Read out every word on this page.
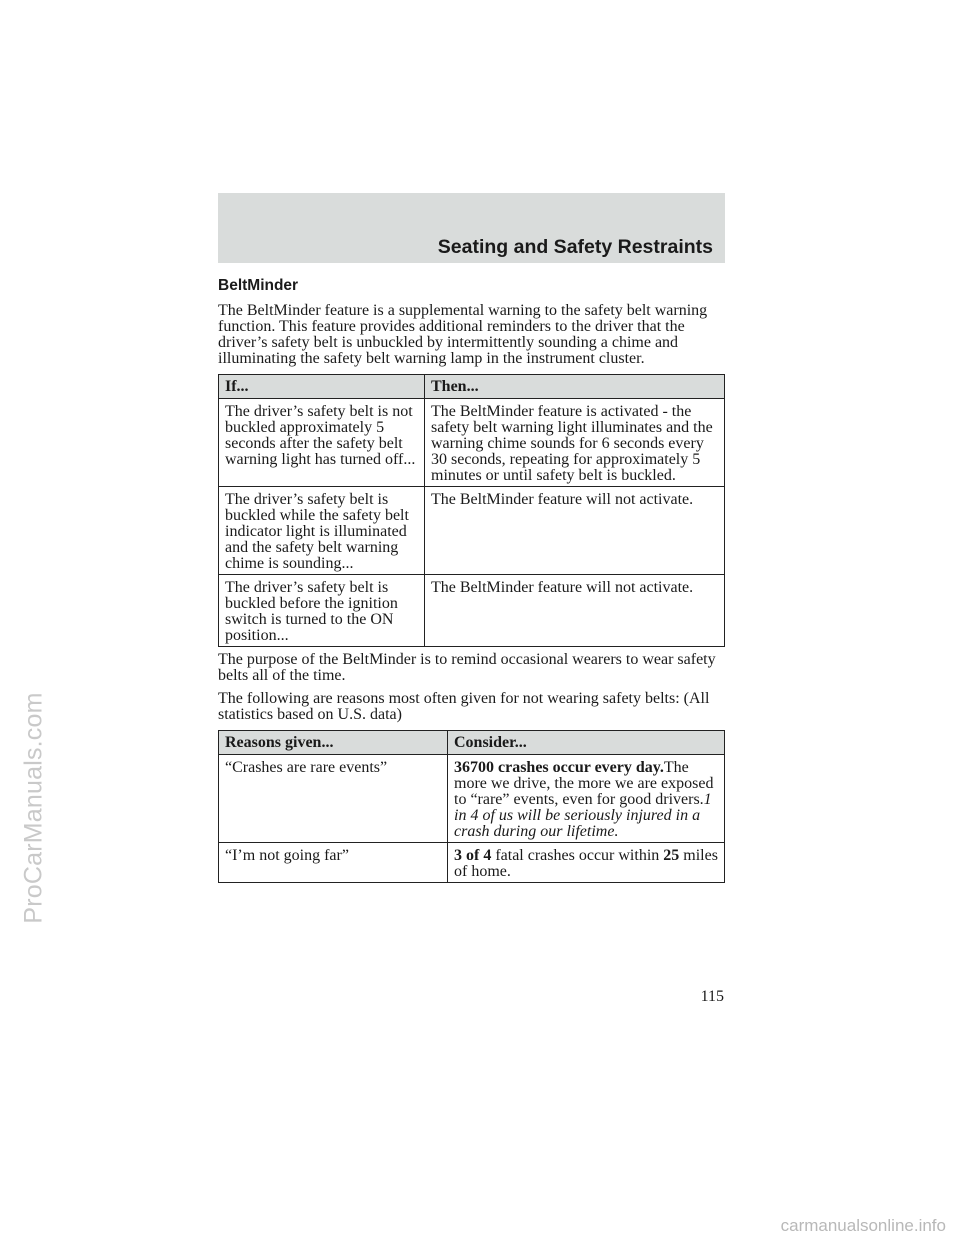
Seating and Safety Restraints
BeltMinder

The BeltMinder feature is a supplemental warning to the safety belt warning function. This feature provides additional reminders to the driver that the driver’s safety belt is unbuckled by intermittently sounding a chime and illuminating the safety belt warning lamp in the instrument cluster.

If...	Then...
The driver’s safety belt is not buckled approximately 5 seconds after the safety belt warning light has turned off...	The BeltMinder feature is activated - the safety belt warning light illuminates and the warning chime sounds for 6 seconds every 30 seconds, repeating for approximately 5 minutes or until safety belt is buckled.
The driver’s safety belt is buckled while the safety belt indicator light is illuminated and the safety belt warning chime is sounding...	The BeltMinder feature will not activate.
The driver’s safety belt is buckled before the ignition switch is turned to the ON position...	The BeltMinder feature will not activate.

The purpose of the BeltMinder is to remind occasional wearers to wear safety belts all of the time.

The following are reasons most often given for not wearing safety belts: (All statistics based on U.S. data)

Reasons given...	Consider...
“Crashes are rare events”	36700 crashes occur every day.The more we drive, the more we are exposed to “rare” events, even for good drivers.1 in 4 of us will be seriously injured in a crash during our lifetime.
“I’m not going far”	3 of 4 fatal crashes occur within 25 miles of home.
115
ProCarManuals.com
carmanualsonline.info
